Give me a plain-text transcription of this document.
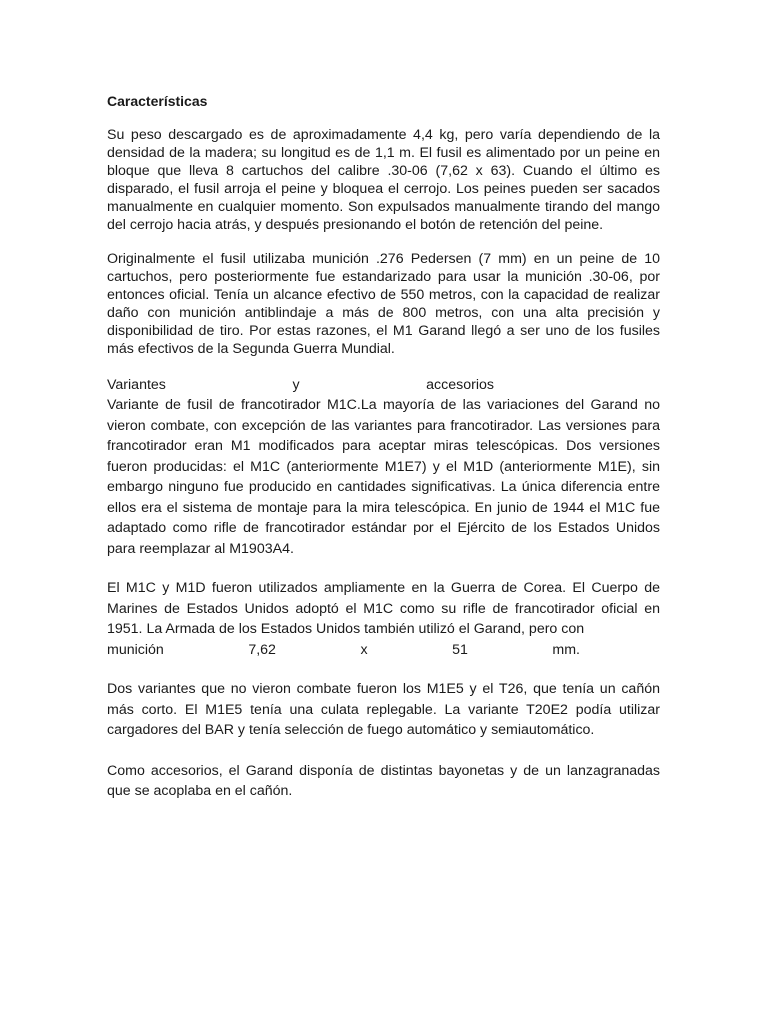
Características

Su peso descargado es de aproximadamente 4,4 kg, pero varía dependiendo de la densidad de la madera; su longitud es de 1,1 m. El fusil es alimentado por un peine en bloque que lleva 8 cartuchos del calibre .30-06 (7,62 x 63). Cuando el último es disparado, el fusil arroja el peine y bloquea el cerrojo. Los peines pueden ser sacados manualmente en cualquier momento. Son expulsados manualmente tirando del mango del cerrojo hacia atrás, y después presionando el botón de retención del peine.

Originalmente el fusil utilizaba munición .276 Pedersen (7 mm) en un peine de 10 cartuchos, pero posteriormente fue estandarizado para usar la munición .30-06, por entonces oficial. Tenía un alcance efectivo de 550 metros, con la capacidad de realizar daño con munición antiblindaje a más de 800 metros, con una alta precisión y disponibilidad de tiro. Por estas razones, el M1 Garand llegó a ser uno de los fusiles más efectivos de la Segunda Guerra Mundial.

Variantes	y	accesorios

Variante de fusil de francotirador M1C.La mayoría de las variaciones del Garand no vieron combate, con excepción de las variantes para francotirador. Las versiones para francotirador eran M1 modificados para aceptar miras telescópicas. Dos versiones fueron producidas: el M1C (anteriormente M1E7) y el M1D (anteriormente M1E), sin embargo ninguno fue producido en cantidades significativas. La única diferencia entre ellos era el sistema de montaje para la mira telescópica. En junio de 1944 el M1C fue adaptado como rifle de francotirador estándar por el Ejército de los Estados Unidos para reemplazar al M1903A4.

El M1C y M1D fueron utilizados ampliamente en la Guerra de Corea. El Cuerpo de Marines de Estados Unidos adoptó el M1C como su rifle de francotirador oficial en 1951. La Armada de los Estados Unidos también utilizó el Garand, pero con

munición	7,62	x	51	mm.

Dos variantes que no vieron combate fueron los M1E5 y el T26, que tenía un cañón más corto. El M1E5 tenía una culata replegable. La variante T20E2 podía utilizar cargadores del BAR y tenía selección de fuego automático y semiautomático.

Como accesorios, el Garand disponía de distintas bayonetas y de un lanzagranadas que se acoplaba en el cañón.
